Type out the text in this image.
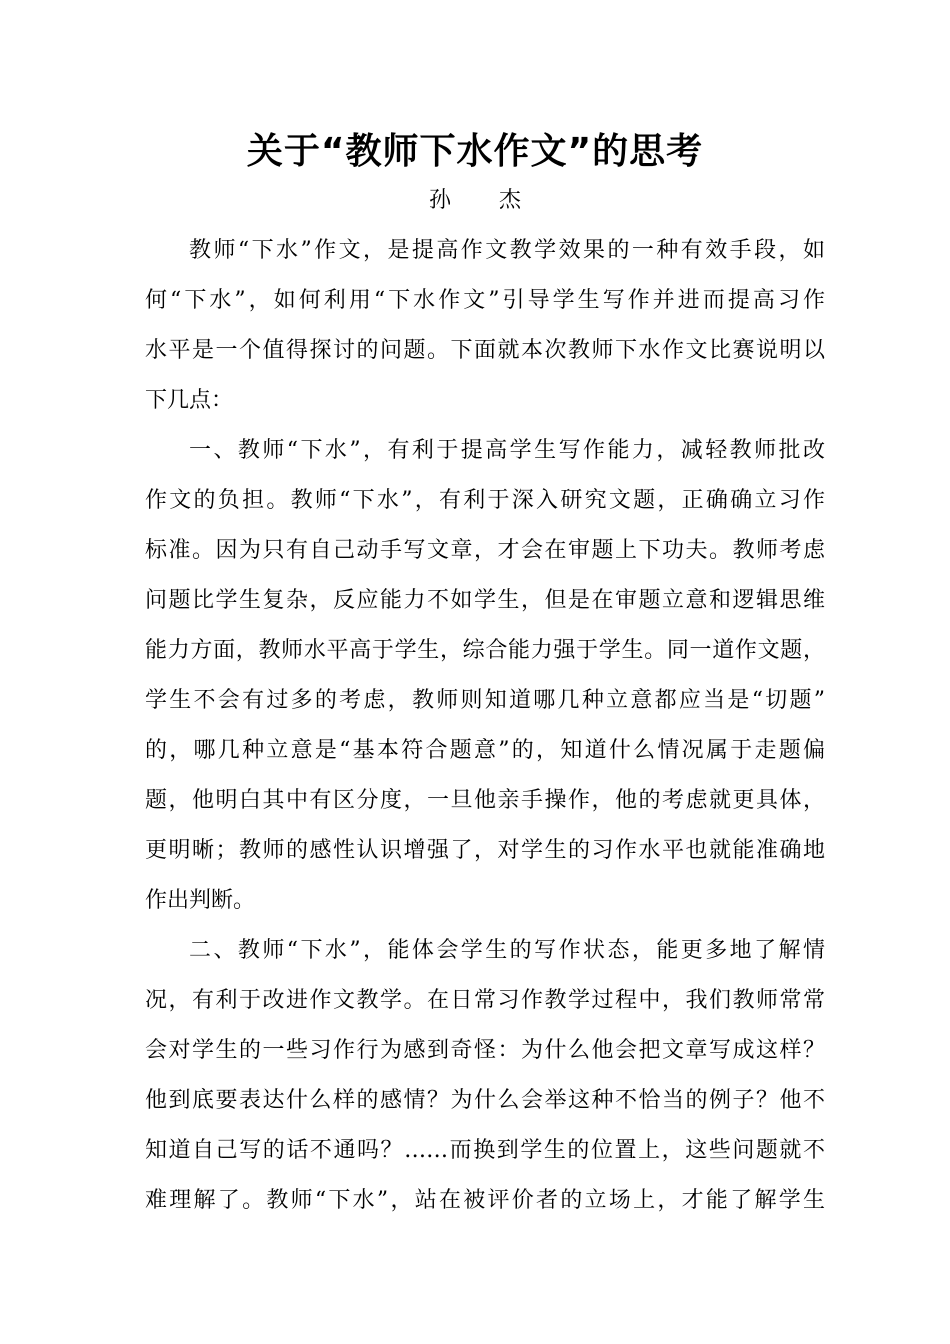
关于“教师下水作文”的思考
孙杰
教师“下水”作文，是提高作文教学效果的一种有效手段，如
何“下水”，如何利用“下水作文”引导学生写作并进而提高习作
水平是一个值得探讨的问题。下面就本次教师下水作文比赛说明以
下几点：
一、教师“下水”，有利于提高学生写作能力，减轻教师批改
作文的负担。教师“下水”，有利于深入研究文题，正确确立习作
标准。因为只有自己动手写文章，才会在审题上下功夫。教师考虑
问题比学生复杂，反应能力不如学生，但是在审题立意和逻辑思维
能力方面，教师水平高于学生，综合能力强于学生。同一道作文题，
学生不会有过多的考虑，教师则知道哪几种立意都应当是“切题”
的，哪几种立意是“基本符合题意”的，知道什么情况属于走题偏
题，他明白其中有区分度，一旦他亲手操作，他的考虑就更具体，
更明晰；教师的感性认识增强了，对学生的习作水平也就能准确地
作出判断。
二、教师“下水”，能体会学生的写作状态，能更多地了解情
况，有利于改进作文教学。在日常习作教学过程中，我们教师常常
会对学生的一些习作行为感到奇怪：为什么他会把文章写成这样？
他到底要表达什么样的感情？为什么会举这种不恰当的例子？他不
知道自己写的话不通吗？……而换到学生的位置上，这些问题就不
难理解了。教师“下水”，站在被评价者的立场上，才能了解学生
